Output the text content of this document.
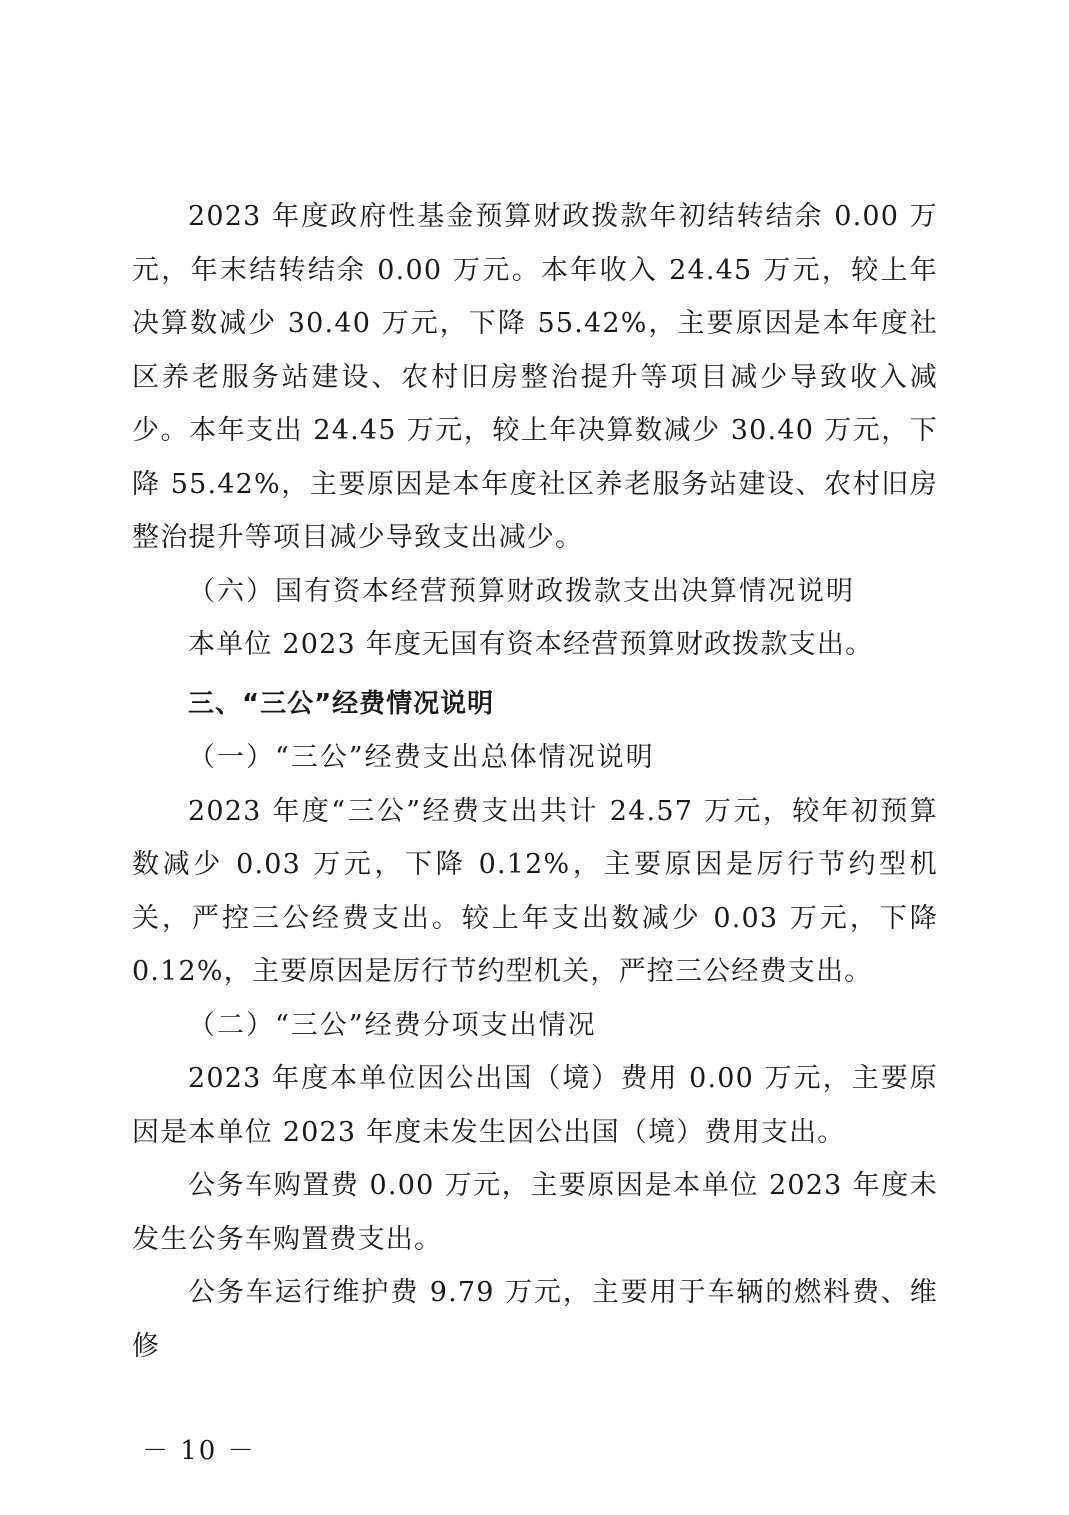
2023 年度政府性基金预算财政拨款年初结转结余 0.00 万元，年末结转结余 0.00 万元。本年收入 24.45 万元，较上年决算数减少 30.40 万元，下降 55.42%，主要原因是本年度社区养老服务站建设、农村旧房整治提升等项目减少导致收入减少。本年支出 24.45 万元，较上年决算数减少 30.40 万元，下降 55.42%，主要原因是本年度社区养老服务站建设、农村旧房整治提升等项目减少导致支出减少。

（六）国有资本经营预算财政拨款支出决算情况说明

本单位 2023 年度无国有资本经营预算财政拨款支出。

三、“三公”经费情况说明

（一）“三公”经费支出总体情况说明

2023 年度“三公”经费支出共计 24.57 万元，较年初预算数减少 0.03 万元，下降 0.12%，主要原因是厉行节约型机关，严控三公经费支出。较上年支出数减少 0.03 万元，下降 0.12%，主要原因是厉行节约型机关，严控三公经费支出。

（二）“三公”经费分项支出情况

2023 年度本单位因公出国（境）费用 0.00 万元，主要原因是本单位 2023 年度未发生因公出国（境）费用支出。

公务车购置费 0.00 万元，主要原因是本单位 2023 年度未发生公务车购置费支出。

公务车运行维护费 9.79 万元，主要用于车辆的燃料费、维修

－ 10 －
